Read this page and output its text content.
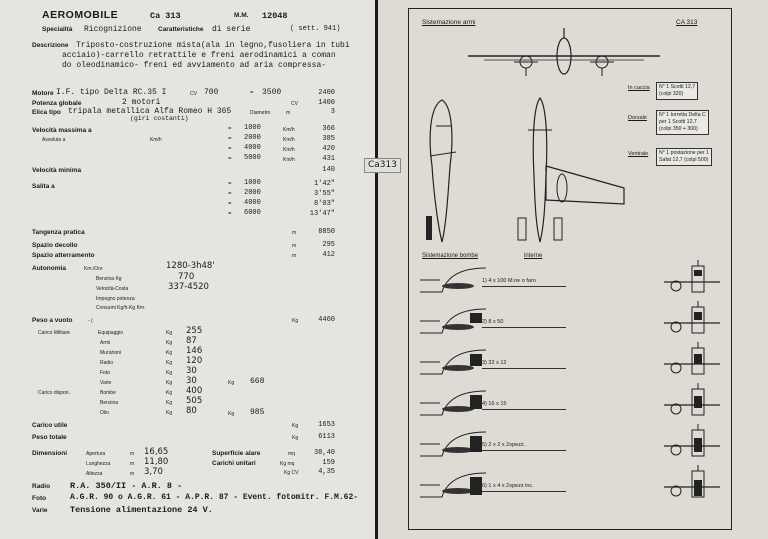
AEROMOBILE	Ca 313	M.M. 12048
Specialità Ricognizione	Caratteristiche di serie	( sett. 941)
Descrizione Triposto-costruzione mista(ala in legno,fusoliera in tubi
acciaio)-carrello retrattile e freni aerodinamici a coman
do oleodinamico- freni ed avviamento ad aria compressa-
Motore I.F. tipo Delta RC.35 I	CV 700	= 3500	2400
Potenza globale	2 motori	CV	1400
Elica tipo tripala metallica Alfa Romeo H 365
(giri costanti)
Diametro	m	3
Velocità massima a
Assoluta a	Km/h
= 1000	Km/h	366
= 2000	Km/h	385
= 4000	Km/h	420
= 5000	Km/h	431
Velocità minima	140
Salita a	= 1000	1'42"
= 2000	3'55"
= 4000	8'03"
= 6000	13'47"
Tangenza pratica	m	8850
Spazio decollo	m	295
Spazio atterramento	m	412
Autonomia	Km./Ore	1280-3h48'
Benzina Kg	770
Velocità-Costa	337-4520
Impegno potenza
Consumi Kg/h-Kg Km.
Peso a vuoto	- (	Kg	4460
Carico Militare	Equipaggio	Kg 255
Armi	Kg 87
Munizioni	Kg 146
Radio	Kg 120
Foto	Kg 30
Varie	Kg 30	Kg 668
Carico dispon.	Bombe	Kg 400
Benzina	Kg 505
Olio	Kg 80	Kg 985
Carico utile	Kg	1653
Peso totale	Kg	6113
Dimensioni	Apertura	m 16,65
Lunghezza	m 11,80
Altezza	m 3,70
Superficie alare	mq	38,40
Carichi unitari	Kg mq	159
Kg CV	4,35
Radio R.A. 350/II - A.R. 8 -
Foto	A.G.R. 90 o A.G.R. 61 - A.P.R. 87 - Event. fotomitr. F.M.62-
Varie	Tensione alimentazione 24 V.
Sistemazione armi	CA 313
In caccia N° 1 Scotti 12,7
(colpi 320)
Dorsale N° 1 torretta Delta C
per 1 Scotti 12,7
(colpi 350 + 300)
Ventrale N° 1 postazione per 1
Safat 12,7 (colpi 500)
Sistemazione bombe	interne
1) 4 x 100 M.ne o faro
2) 8 x 50
3) 32 x 12
4) 16 x 15
5) 2 x 2 x 2spezz.
6) 1 x 4 x 2spezz inc.
Ca313
